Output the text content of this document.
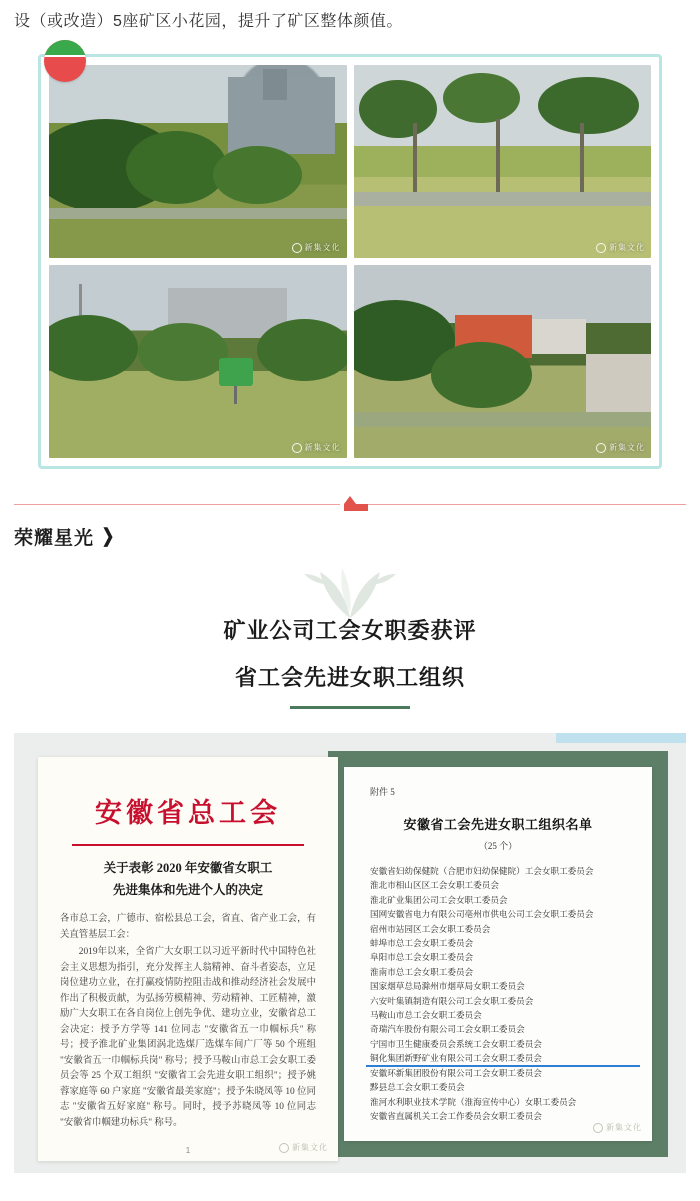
设（或改造）5座矿区小花园，提升了矿区整体颜值。
新集文化	新集文化
新集文化	新集文化
荣耀星光 ❯
矿业公司工会女职委获评
省工会先进女职工组织
安徽省总工会
关于表彰 2020 年安徽省女职工
先进集体和先进个人的决定

各市总工会，广德市、宿松县总工会，省直、省产业工会，有关直管基层工会：

2019年以来，全省广大女职工以习近平新时代中国特色社会主义思想为指引，充分发挥主人翁精神、奋斗者姿态，立足岗位建功立业，在打赢疫情防控阻击战和推动经济社会发展中作出了积极贡献，为弘扬劳模精神、劳动精神、工匠精神，激励广大女职工在各自岗位上创先争优、建功立业，安徽省总工会决定：授予方学等 141 位同志 "安徽省五一巾帼标兵" 称号；授予淮北矿业集团涡北选煤厂选煤车间广厂等 50 个班组 "安徽省五一巾帼标兵岗" 称号；授予马鞍山市总工会女职工委员会等 25 个双工组织 "安徽省工会先进女职工组织"；授予姚蓉家庭等 60 户家庭 "安徽省最美家庭"；授予朱晓凤等 10 位同志 "安徽省五好家庭" 称号。同时，授予苏晓凤等 10 位同志 "安徽省巾帼建功标兵" 称号。

1	新集文化
附件 5
安徽省工会先进女职工组织名单
（25 个）
安徽省妇幼保健院（合肥市妇幼保健院）工会女职工委员会
淮北市相山区区工会女职工委员会
淮北矿业集团公司工会女职工委员会
国网安徽省电力有限公司亳州市供电公司工会女职工委员会
宿州市站园区工会女职工委员会
蚌埠市总工会女职工委员会
阜阳市总工会女职工委员会
淮南市总工会女职工委员会
国家烟草总局滁州市烟草局女职工委员会
六安叶集镇制造有限公司工会女职工委员会
马鞍山市总工会女职工委员会
奇瑞汽车股份有限公司工会女职工委员会
宁国市卫生健康委员会系统工会女职工委员会
铜化集团新野矿业有限公司工会女职工委员会
安徽环新集团股份有限公司工会女职工委员会
黟县总工会女职工委员会
淮河水利职业技术学院（淮海宣传中心）女职工委员会
安徽省直属机关工会工作委员会女职工委员会
新集文化
